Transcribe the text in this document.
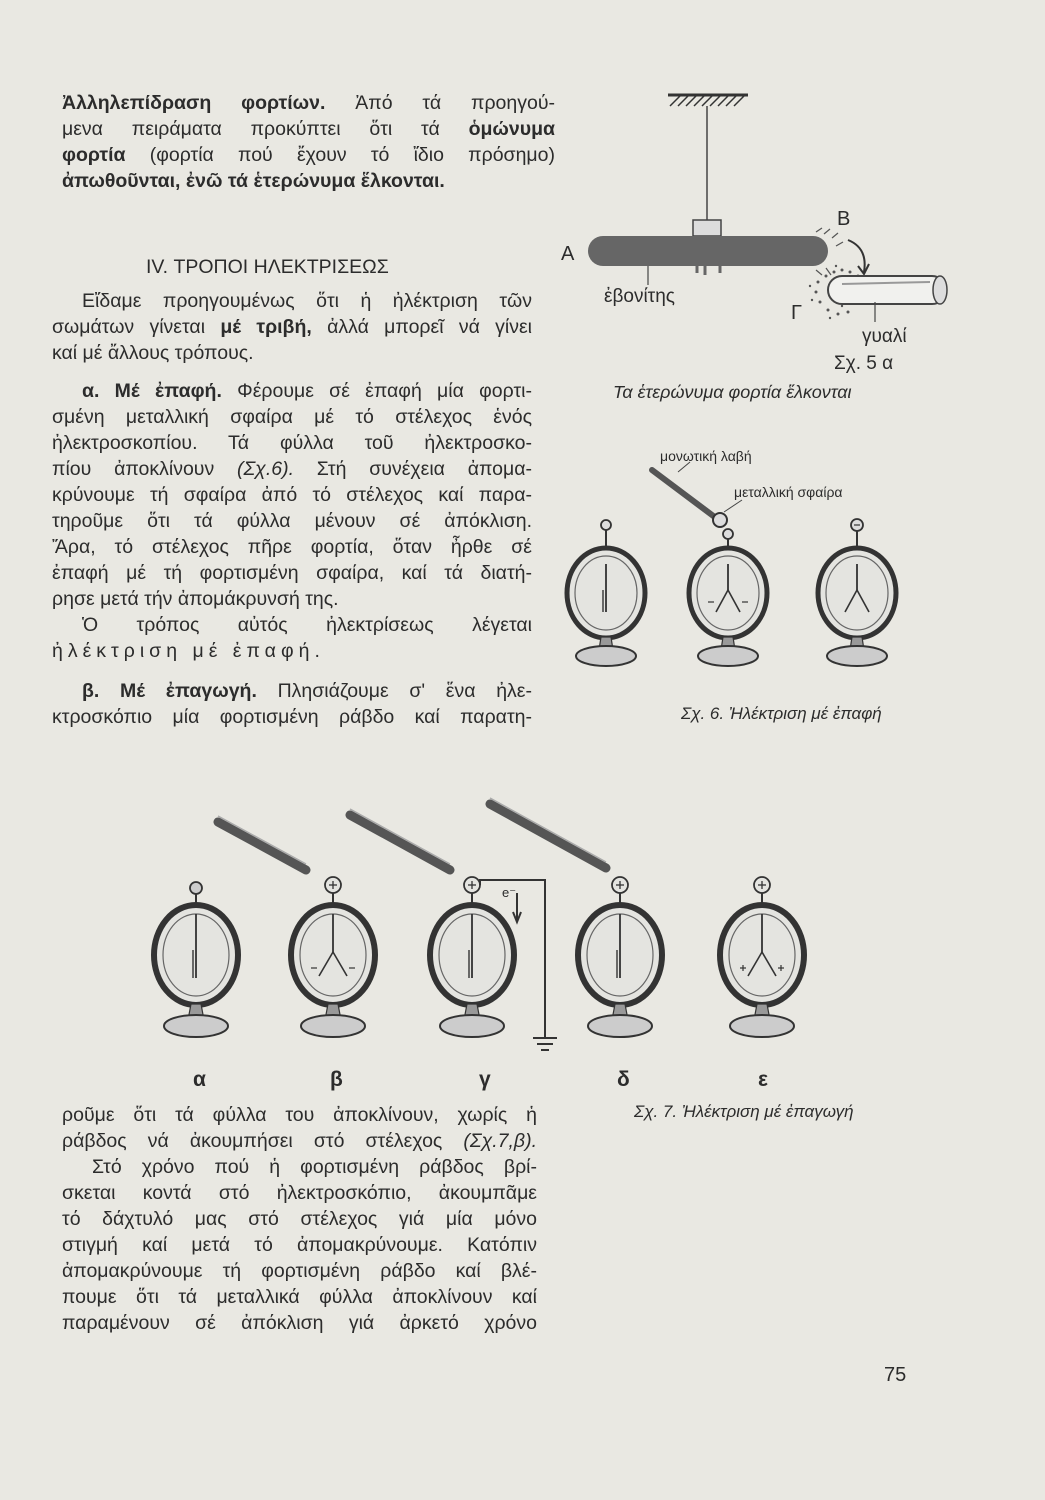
Ἀλληλεπίδραση φορτίων. Ἀπό τά προηγού-

μενα πειράματα προκύπτει ὅτι τά ὁμώνυμα

φορτία (φορτία πού ἔχουν τό ἴδιο πρόσημο)

ἀπωθοῦνται, ἐνῶ τά ἑτερώνυμα ἕλκονται.

IV. ΤΡΟΠΟΙ ΗΛΕΚΤΡΙΣΕΩΣ

Εἴδαμε προηγουμένως ὅτι ἡ ἠλέκτριση τῶν

σωμάτων γίνεται μέ τριβή, ἀλλά μπορεῖ νά γίνει

καί μέ ἄλλους τρόπους.

α. Μέ ἐπαφή. Φέρουμε σέ ἐπαφή μία φορτι-

σμένη μεταλλική σφαίρα μέ τό στέλεχος ἑνός

ἠλεκτροσκοπίου. Τά φύλλα τοῦ ἠλεκτροσκο-

πίου ἀποκλίνουν (Σχ.6). Στή συνέχεια ἀπομα-

κρύνουμε τή σφαίρα ἀπό τό στέλεχος καί παρα-

τηροῦμε ὅτι τά φύλλα μένουν σέ ἀπόκλιση.

Ἄρα, τό στέλεχος πῆρε φορτία, ὅταν ἦρθε σέ

ἐπαφή μέ τή φορτισμένη σφαίρα, καί τά διατή-

ρησε μετά τήν ἀπομάκρυνσή της.

Ὁ τρόπος αὐτός ἠλεκτρίσεως λέγεται

ἠλέκτριση μέ ἐπαφή.

β. Μέ ἐπαγωγή. Πλησιάζουμε σ' ἕνα ἠλε-

κτροσκόπιο μία φορτισμένη ράβδο καί παρατη-

ροῦμε ὅτι τά φύλλα του ἀποκλίνουν, χωρίς ἡ

ράβδος νά ἀκουμπήσει στό στέλεχος (Σχ.7,β).

Στό χρόνο πού ἡ φορτισμένη ράβδος βρί-

σκεται κοντά στό ἠλεκτροσκόπιο, ἀκουμπᾶμε

τό δάχτυλό μας στό στέλεχος γιά μία μόνο

στιγμή καί μετά τό ἀπομακρύνουμε. Κατόπιν

ἀπομακρύνουμε τή φορτισμένη ράβδο καί βλέ-

πουμε ὅτι τά μεταλλικά φύλλα ἀποκλίνουν καί

παραμένουν σέ ἀπόκλιση γιά ἀρκετό χρόνο

A
B
Γ
ἐβονίτης
γυαλί
Σχ. 5 α
Τα ἑτερώνυμα φορτία ἕλκονται
μονωτική λαβή
μεταλλική σφαίρα
Σχ. 6. Ἠλέκτριση μέ ἐπαφή
e⁻
α	β	γ	δ	ε
Σχ. 7. Ἠλέκτριση μέ ἐπαγωγή
75
